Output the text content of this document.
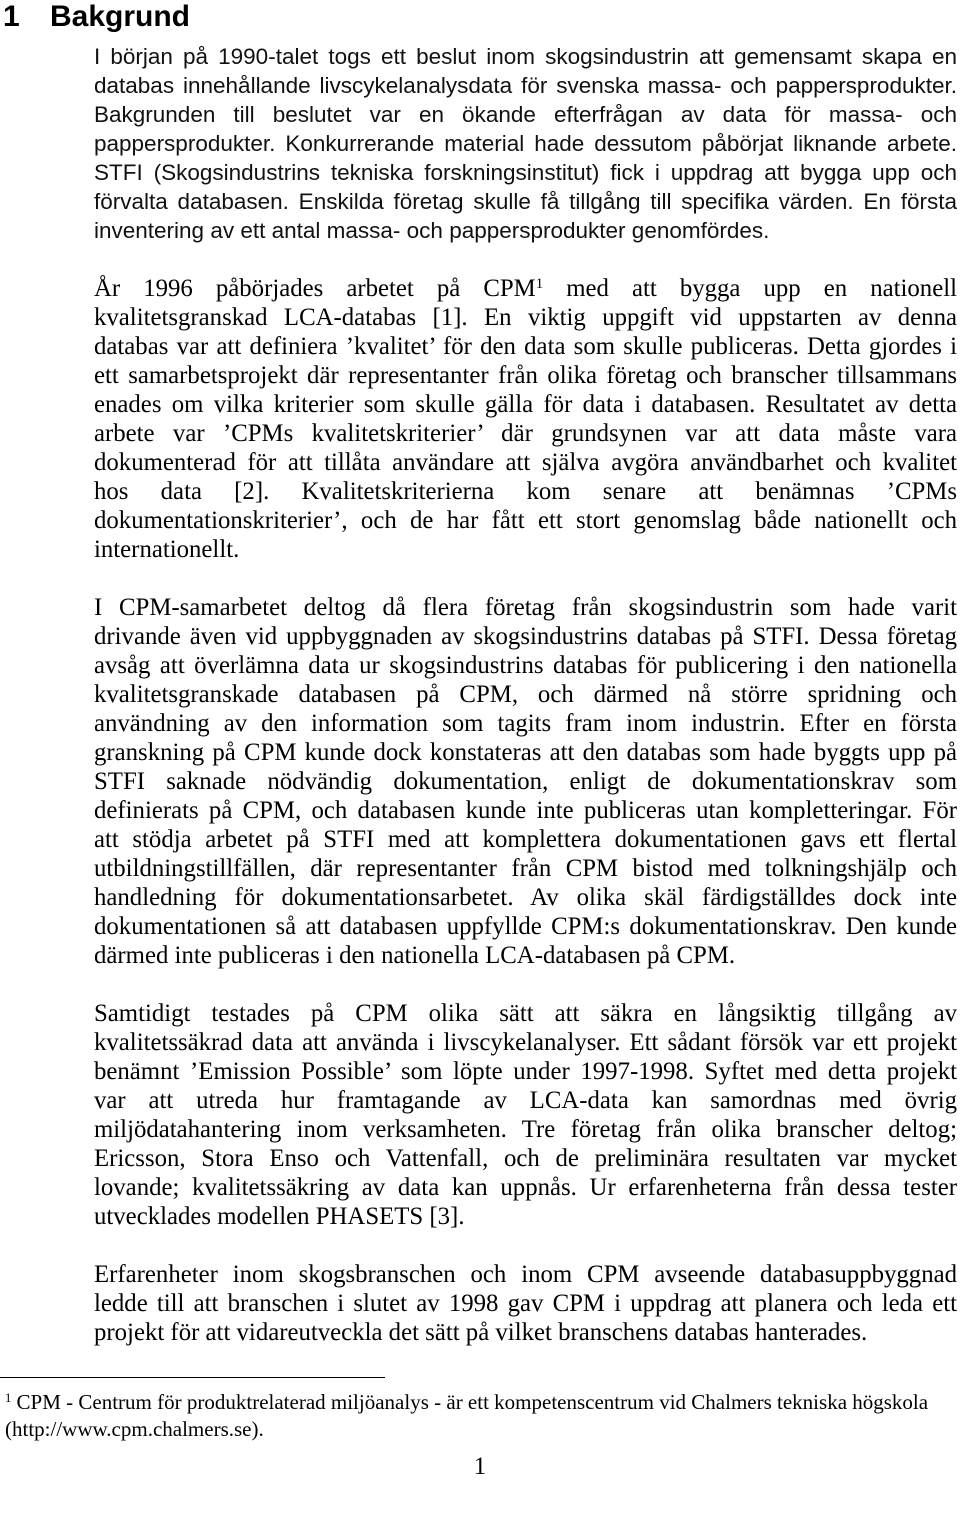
1 Bakgrund
I början på 1990-talet togs ett beslut inom skogsindustrin att gemensamt skapa en
databas innehållande livscykelanalysdata för svenska massa- och pappersprodukter.
Bakgrunden till beslutet var en ökande efterfrågan av data för massa- och
pappersprodukter. Konkurrerande material hade dessutom påbörjat liknande arbete.
STFI (Skogsindustrins tekniska forskningsinstitut) fick i uppdrag att bygga upp och
förvalta databasen. Enskilda företag skulle få tillgång till specifika värden. En första
inventering av ett antal massa- och pappersprodukter genomfördes.
År 1996 påbörjades arbetet på CPM$^1$ med att bygga upp en nationell
kvalitetsgranskad LCA-databas [1]. En viktig uppgift vid uppstarten av denna
databas var att definiera ’kvalitet’ för den data som skulle publiceras. Detta gjordes i
ett samarbetsprojekt där representanter från olika företag och branscher tillsammans
enades om vilka kriterier som skulle gälla för data i databasen. Resultatet av detta
arbete var ’CPMs kvalitetskriterier’ där grundsynen var att data måste vara
dokumenterad för att tillåta användare att själva avgöra användbarhet och kvalitet
hos data [2]. Kvalitetskriterierna kom senare att benämnas ’CPMs
dokumentationskriterier’, och de har fått ett stort genomslag både nationellt och
internationellt.
I CPM-samarbetet deltog då flera företag från skogsindustrin som hade varit
drivande även vid uppbyggnaden av skogsindustrins databas på STFI. Dessa företag
avsåg att överlämna data ur skogsindustrins databas för publicering i den nationella
kvalitetsgranskade databasen på CPM, och därmed nå större spridning och
användning av den information som tagits fram inom industrin. Efter en första
granskning på CPM kunde dock konstateras att den databas som hade byggts upp på
STFI saknade nödvändig dokumentation, enligt de dokumentationskrav som
definierats på CPM, och databasen kunde inte publiceras utan kompletteringar. För
att stödja arbetet på STFI med att komplettera dokumentationen gavs ett flertal
utbildningstillfällen, där representanter från CPM bistod med tolkningshjälp och
handledning för dokumentationsarbetet. Av olika skäl färdigställdes dock inte
dokumentationen så att databasen uppfyllde CPM:s dokumentationskrav. Den kunde
därmed inte publiceras i den nationella LCA-databasen på CPM.
Samtidigt testades på CPM olika sätt att säkra en långsiktig tillgång av
kvalitetssäkrad data att använda i livscykelanalyser. Ett sådant försök var ett projekt
benämnt ’Emission Possible’ som löpte under 1997-1998. Syftet med detta projekt
var att utreda hur framtagande av LCA-data kan samordnas med övrig
miljödatahantering inom verksamheten. Tre företag från olika branscher deltog;
Ericsson, Stora Enso och Vattenfall, och de preliminära resultaten var mycket
lovande; kvalitetssäkring av data kan uppnås. Ur erfarenheterna från dessa tester
utvecklades modellen PHASETS [3].
Erfarenheter inom skogsbranschen och inom CPM avseende databasuppbyggnad
ledde till att branschen i slutet av 1998 gav CPM i uppdrag att planera och leda ett
projekt för att vidareutveckla det sätt på vilket branschens databas hanterades.
$^1$ CPM - Centrum för produktrelaterad miljöanalys - är ett kompetenscentrum vid Chalmers tekniska högskola
(http://www.cpm.chalmers.se).
1
